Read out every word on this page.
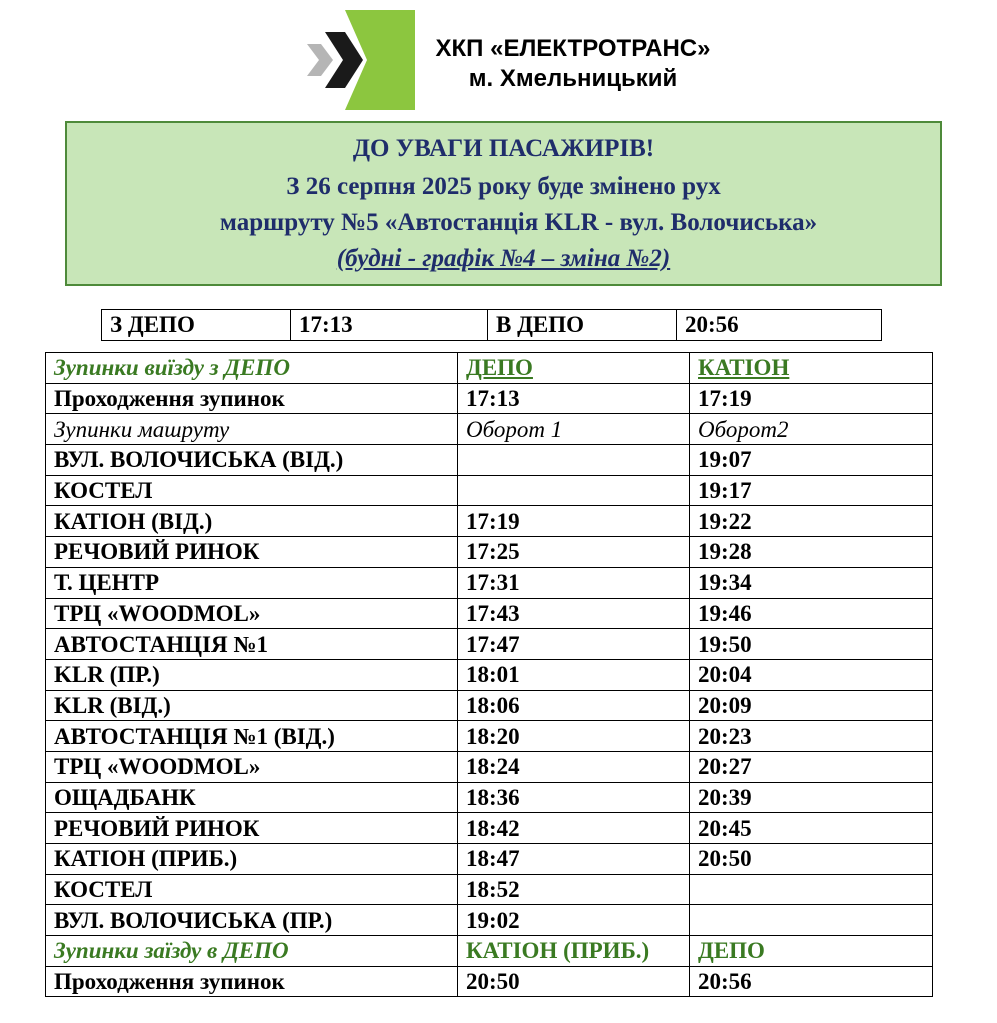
ХКП «ЕЛЕКТРОТРАНС»
м. Хмельницький
ДО УВАГИ ПАСАЖИРІВ!
З 26 серпня 2025 року буде змінено рух
маршруту №5 «Автостанція KLR - вул. Волочиська»
(будні - графік №4 – зміна №2)
З ДЕПО	17:13	В ДЕПО	20:56
Зупинки виїзду з ДЕПО	ДЕПО	КАТІОН
Проходження зупинок	17:13	17:19
Зупинки машруту	Оборот 1	Оборот2
ВУЛ. ВОЛОЧИСЬКА (ВІД.)		19:07
КОСТЕЛ		19:17
КАТІОН (ВІД.)	17:19	19:22
РЕЧОВИЙ РИНОК	17:25	19:28
Т. ЦЕНТР	17:31	19:34
ТРЦ «WOODMOL»	17:43	19:46
АВТОСТАНЦІЯ №1	17:47	19:50
KLR (ПР.)	18:01	20:04
KLR (ВІД.)	18:06	20:09
АВТОСТАНЦІЯ №1 (ВІД.)	18:20	20:23
ТРЦ «WOODMOL»	18:24	20:27
ОЩАДБАНК	18:36	20:39
РЕЧОВИЙ РИНОК	18:42	20:45
КАТІОН (ПРИБ.)	18:47	20:50
КОСТЕЛ	18:52	
ВУЛ. ВОЛОЧИСЬКА (ПР.)	19:02	
Зупинки заїзду в ДЕПО	КАТІОН (ПРИБ.)	ДЕПО
Проходження зупинок	20:50	20:56
